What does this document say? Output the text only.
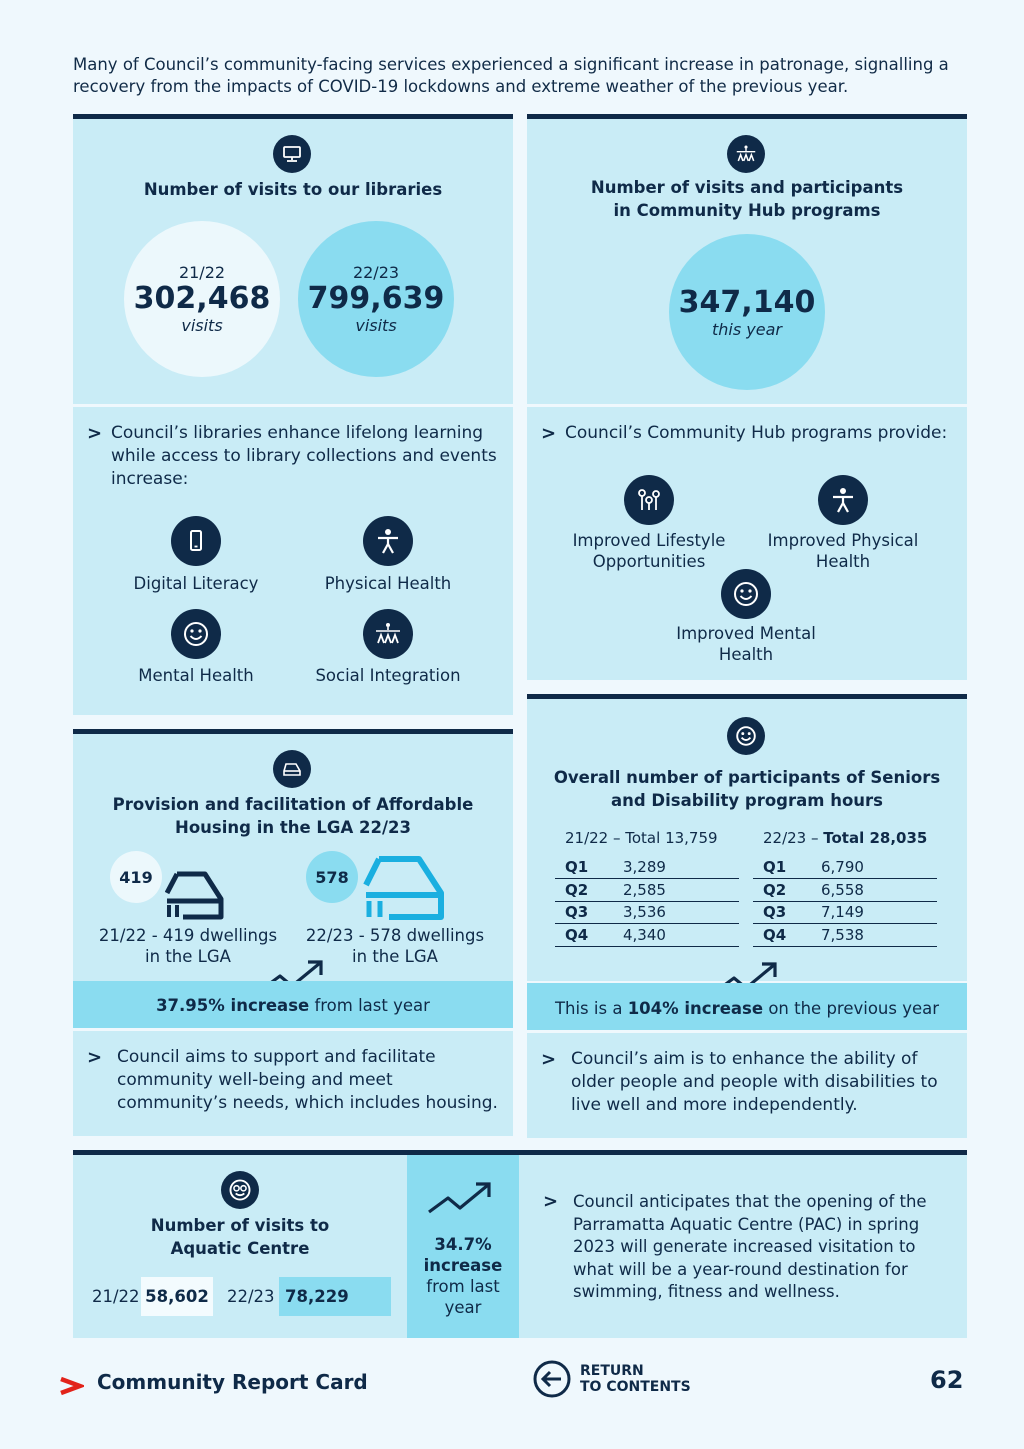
Many of Council’s community-facing services experienced a significant increase in patronage, signalling a recovery from the impacts of COVID-19 lockdowns and extreme weather of the previous year.
Number of visits to our libraries
21/22
302,468
visits
22/23
799,639
visits
> Council’s libraries enhance lifelong learning while access to library collections and events increase:
Digital Literacy	Physical Health
Mental Health	Social Integration
Number of visits and participants
in Community Hub programs
347,140
this year
> Council’s Community Hub programs provide:
Improved Lifestyle
Opportunities
Improved Physical
Health
Improved Mental
Health
Provision and facilitation of Affordable
Housing in the LGA 22/23
419	578
21/22 - 419 dwellings
in the LGA
22/23 - 578 dwellings
in the LGA
37.95% increase from last year
> Council aims to support and facilitate community well-being and meet community’s needs, which includes housing.
Overall number of participants of Seniors
and Disability program hours
21/22 – Total 13,759	22/23 – Total 28,035
Q1	3,289
Q2	2,585
Q3	3,536
Q4	4,340
Q1	6,790
Q2	6,558
Q3	7,149
Q4	7,538
This is a 104% increase on the previous year
> Council’s aim is to enhance the ability of older people and people with disabilities to live well and more independently.
Number of visits to
Aquatic Centre
21/22 58,602 22/23 78,229
34.7%
increase
from last
year
> Council anticipates that the opening of the Parramatta Aquatic Centre (PAC) in spring 2023 will generate increased visitation to what will be a year-round destination for swimming, fitness and wellness.
Community Report Card	RETURN
TO CONTENTS	62
